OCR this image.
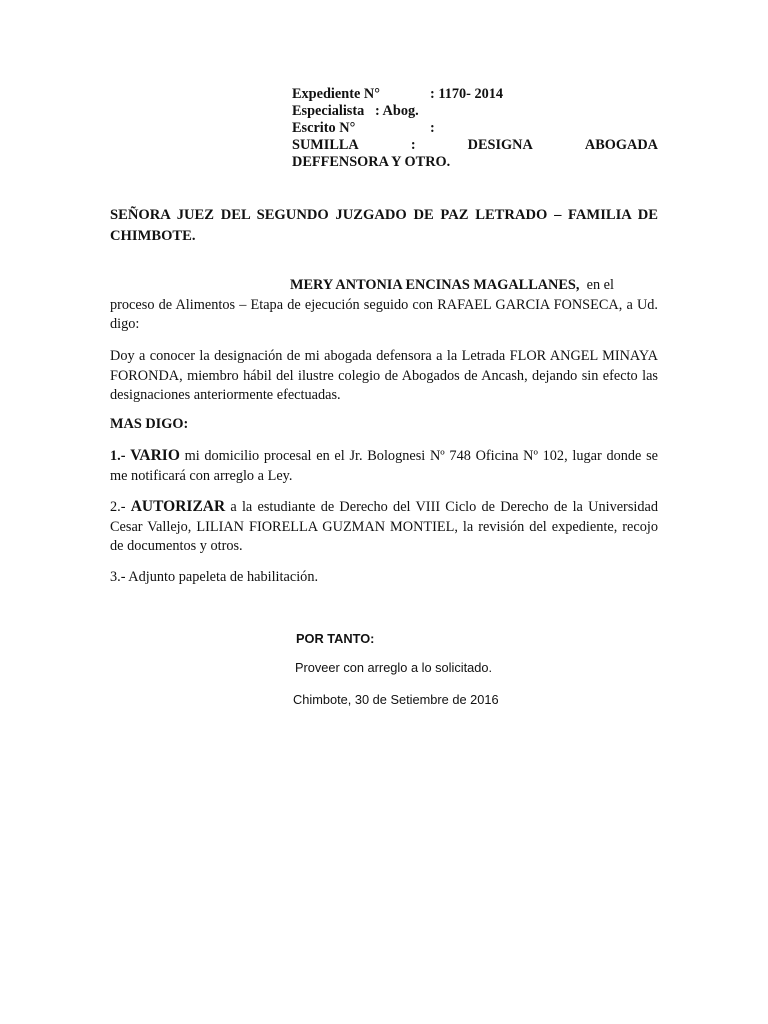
Expediente N°	: 1170- 2014
Especialista : Abog.
Escrito N°	:
SUMILLA	:	DESIGNA	ABOGADA
DEFFENSORA Y OTRO.
SEÑORA JUEZ DEL SEGUNDO JUZGADO DE PAZ LETRADO – FAMILIA DE CHIMBOTE.
MERY ANTONIA ENCINAS MAGALLANES,  en el
proceso de Alimentos – Etapa de ejecución seguido con RAFAEL GARCIA FONSECA, a Ud. digo:
Doy a conocer la designación de mi abogada defensora a la Letrada FLOR ANGEL MINAYA FORONDA, miembro hábil del ilustre colegio de Abogados de Ancash, dejando sin efecto las designaciones anteriormente efectuadas.
MAS DIGO:
1.- VARIO mi domicilio procesal en el Jr. Bolognesi Nº 748 Oficina Nº 102, lugar donde se me notificará con arreglo a Ley.
2.- AUTORIZAR a la estudiante de Derecho del VIII Ciclo de Derecho de la Universidad Cesar Vallejo, LILIAN FIORELLA GUZMAN MONTIEL, la revisión del expediente, recojo de documentos y otros.
3.- Adjunto papeleta de habilitación.
POR TANTO:
Proveer con arreglo a lo solicitado.
Chimbote, 30 de Setiembre de 2016
